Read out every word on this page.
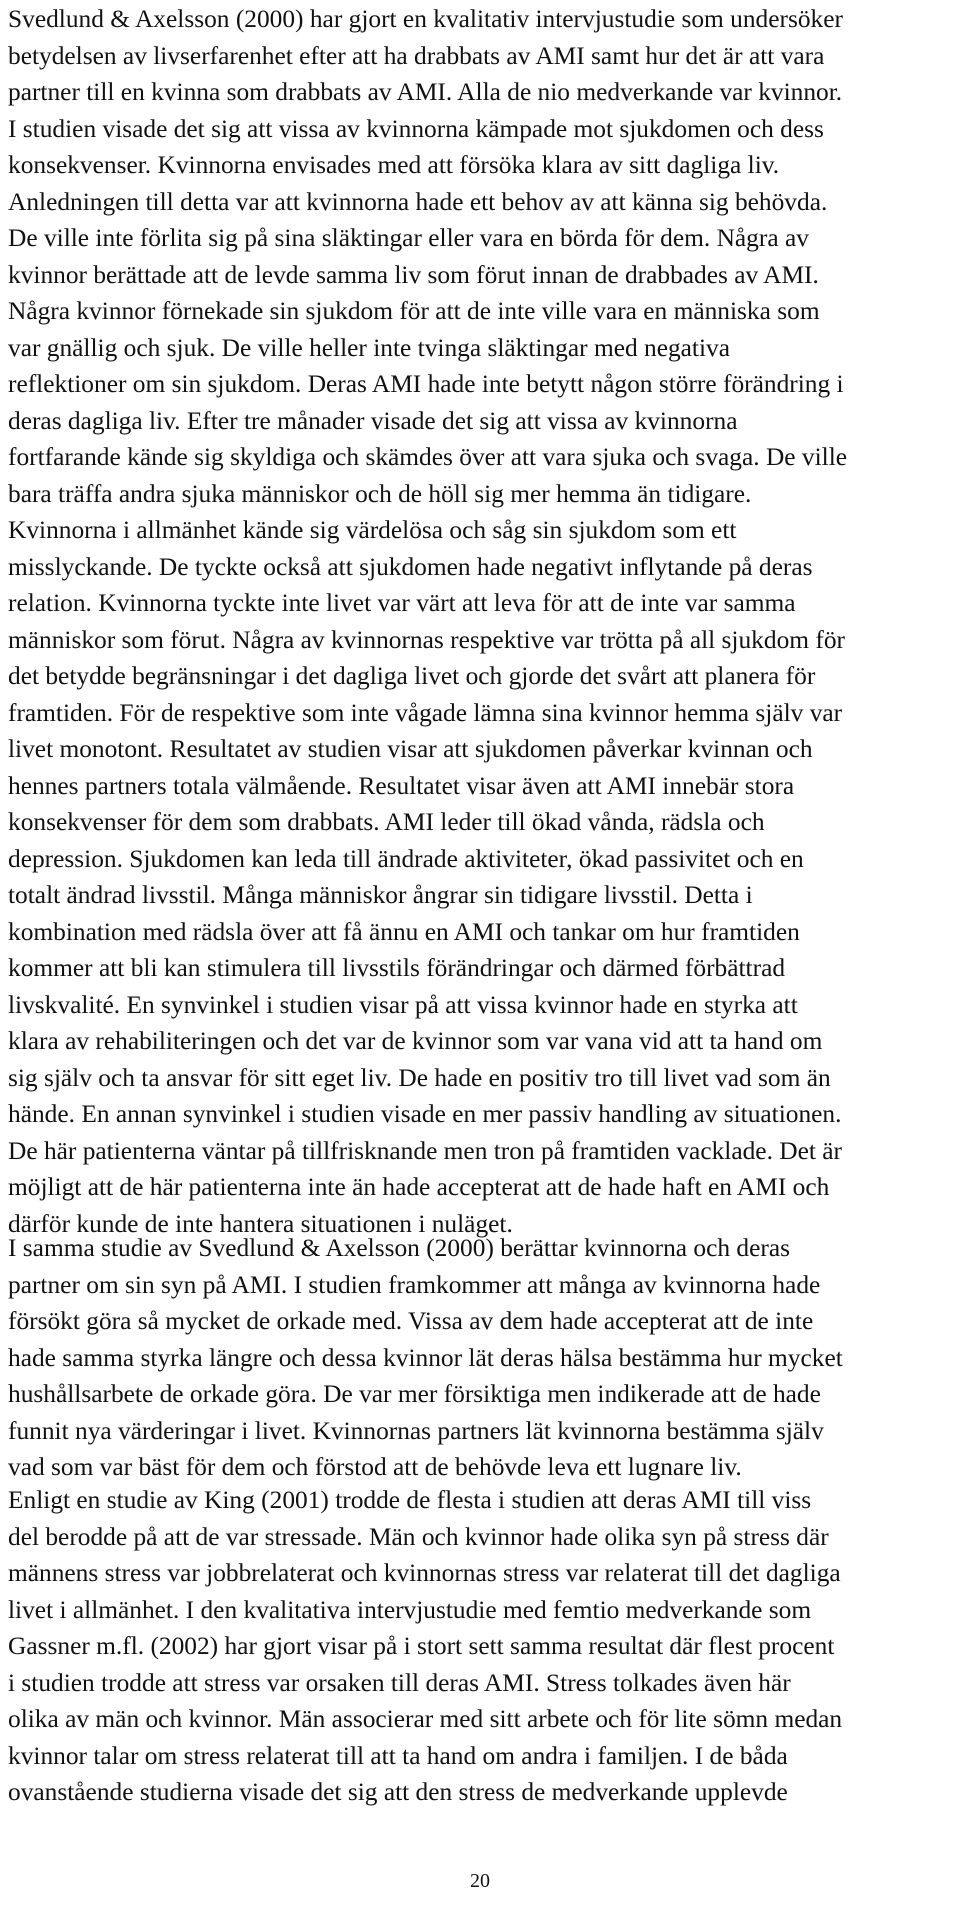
Svedlund & Axelsson (2000) har gjort en kvalitativ intervjustudie som undersöker
betydelsen av livserfarenhet efter att ha drabbats av AMI samt hur det är att vara
partner till en kvinna som drabbats av AMI. Alla de nio medverkande var kvinnor.
I studien visade det sig att vissa av kvinnorna kämpade mot sjukdomen och dess
konsekvenser. Kvinnorna envisades med att försöka klara av sitt dagliga liv.
Anledningen till detta var att kvinnorna hade ett behov av att känna sig behövda.
De ville inte förlita sig på sina släktingar eller vara en börda för dem. Några av
kvinnor berättade att de levde samma liv som förut innan de drabbades av AMI.
Några kvinnor förnekade sin sjukdom för att de inte ville vara en människa som
var gnällig och sjuk. De ville heller inte tvinga släktingar med negativa
reflektioner om sin sjukdom. Deras AMI hade inte betytt någon större förändring i
deras dagliga liv. Efter tre månader visade det sig att vissa av kvinnorna
fortfarande kände sig skyldiga och skämdes över att vara sjuka och svaga. De ville
bara träffa andra sjuka människor och de höll sig mer hemma än tidigare.
Kvinnorna i allmänhet kände sig värdelösa och såg sin sjukdom som ett
misslyckande. De tyckte också att sjukdomen hade negativt inflytande på deras
relation. Kvinnorna tyckte inte livet var värt att leva för att de inte var samma
människor som förut. Några av kvinnornas respektive var trötta på all sjukdom för
det betydde begränsningar i det dagliga livet och gjorde det svårt att planera för
framtiden. För de respektive som inte vågade lämna sina kvinnor hemma själv var
livet monotont. Resultatet av studien visar att sjukdomen påverkar kvinnan och
hennes partners totala välmående. Resultatet visar även att AMI innebär stora
konsekvenser för dem som drabbats. AMI leder till ökad vånda, rädsla och
depression. Sjukdomen kan leda till ändrade aktiviteter, ökad passivitet och en
totalt ändrad livsstil. Många människor ångrar sin tidigare livsstil. Detta i
kombination med rädsla över att få ännu en AMI och tankar om hur framtiden
kommer att bli kan stimulera till livsstils förändringar och därmed förbättrad
livskvalité. En synvinkel i studien visar på att vissa kvinnor hade en styrka att
klara av rehabiliteringen och det var de kvinnor som var vana vid att ta hand om
sig själv och ta ansvar för sitt eget liv. De hade en positiv tro till livet vad som än
hände. En annan synvinkel i studien visade en mer passiv handling av situationen.
De här patienterna väntar på tillfrisknande men tron på framtiden vacklade. Det är
möjligt att de här patienterna inte än hade accepterat att de hade haft en AMI och
därför kunde de inte hantera situationen i nuläget.
I samma studie av Svedlund & Axelsson (2000) berättar kvinnorna och deras
partner om sin syn på AMI. I studien framkommer att många av kvinnorna hade
försökt göra så mycket de orkade med. Vissa av dem hade accepterat att de inte
hade samma styrka längre och dessa kvinnor lät deras hälsa bestämma hur mycket
hushållsarbete de orkade göra. De var mer försiktiga men indikerade att de hade
funnit nya värderingar i livet. Kvinnornas partners lät kvinnorna bestämma själv
vad som var bäst för dem och förstod att de behövde leva ett lugnare liv.
Enligt en studie av King (2001) trodde de flesta i studien att deras AMI till viss
del berodde på att de var stressade. Män och kvinnor hade olika syn på stress där
männens stress var jobbrelaterat och kvinnornas stress var relaterat till det dagliga
livet i allmänhet. I den kvalitativa intervjustudie med femtio medverkande som
Gassner m.fl. (2002) har gjort visar på i stort sett samma resultat där flest procent
i studien trodde att stress var orsaken till deras AMI. Stress tolkades även här
olika av män och kvinnor. Män associerar med sitt arbete och för lite sömn medan
kvinnor talar om stress relaterat till att ta hand om andra i familjen. I de båda
ovanstående studierna visade det sig att den stress de medverkande upplevde
20
